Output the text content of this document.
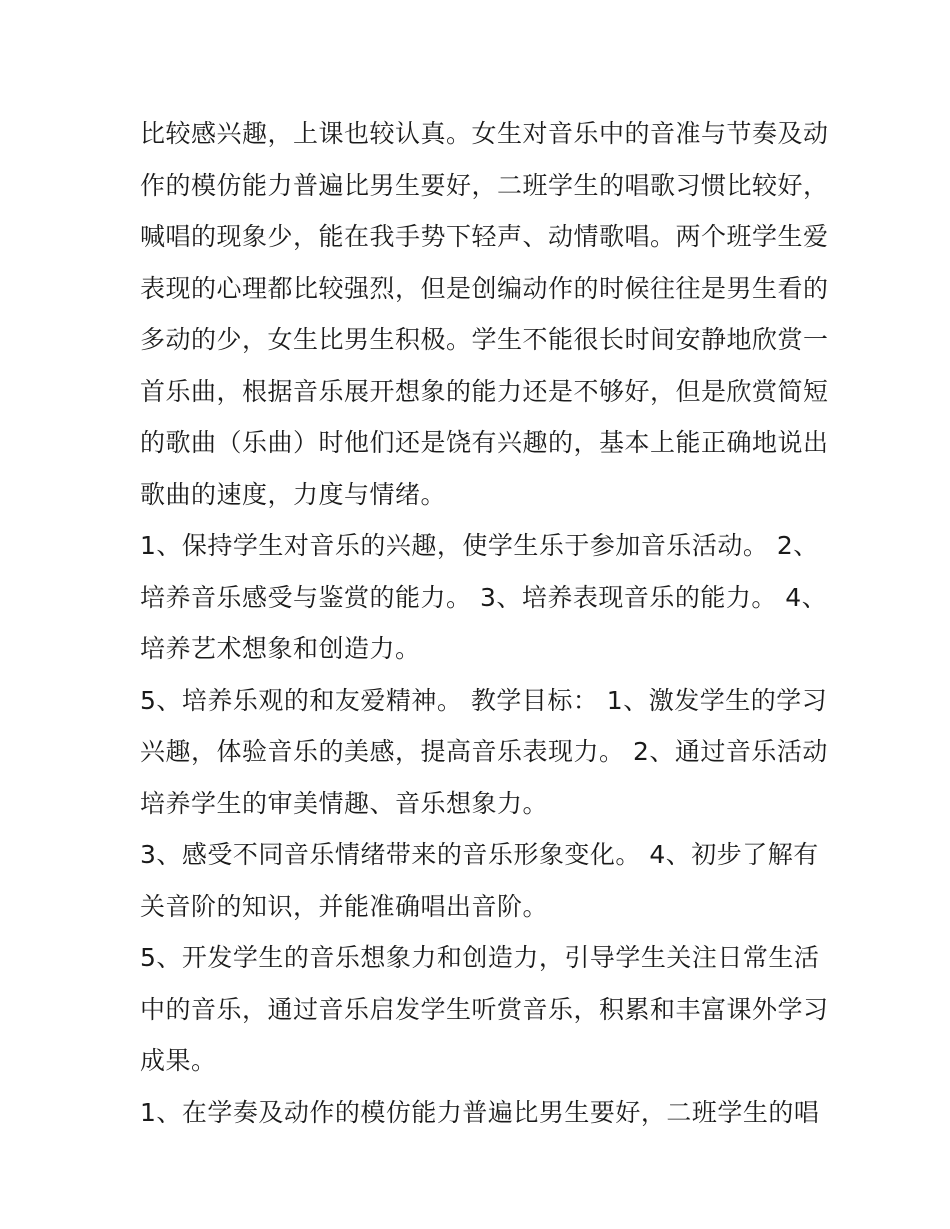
比较感兴趣，上课也较认真。女生对音乐中的音准与节奏及动
作的模仿能力普遍比男生要好，二班学生的唱歌习惯比较好，
喊唱的现象少，能在我手势下轻声、动情歌唱。两个班学生爱
表现的心理都比较强烈，但是创编动作的时候往往是男生看的
多动的少，女生比男生积极。学生不能很长时间安静地欣赏一
首乐曲，根据音乐展开想象的能力还是不够好，但是欣赏简短
的歌曲（乐曲）时他们还是饶有兴趣的，基本上能正确地说出
歌曲的速度，力度与情绪。
1、保持学生对音乐的兴趣，使学生乐于参加音乐活动。 2、
培养音乐感受与鉴赏的能力。 3、培养表现音乐的能力。 4、
培养艺术想象和创造力。
5、培养乐观的和友爱精神。 教学目标： 1、激发学生的学习
兴趣，体验音乐的美感，提高音乐表现力。 2、通过音乐活动
培养学生的审美情趣、音乐想象力。
3、感受不同音乐情绪带来的音乐形象变化。 4、初步了解有
关音阶的知识，并能准确唱出音阶。
5、开发学生的音乐想象力和创造力，引导学生关注日常生活
中的音乐，通过音乐启发学生听赏音乐，积累和丰富课外学习
成果。
1、在学奏及动作的模仿能力普遍比男生要好，二班学生的唱
